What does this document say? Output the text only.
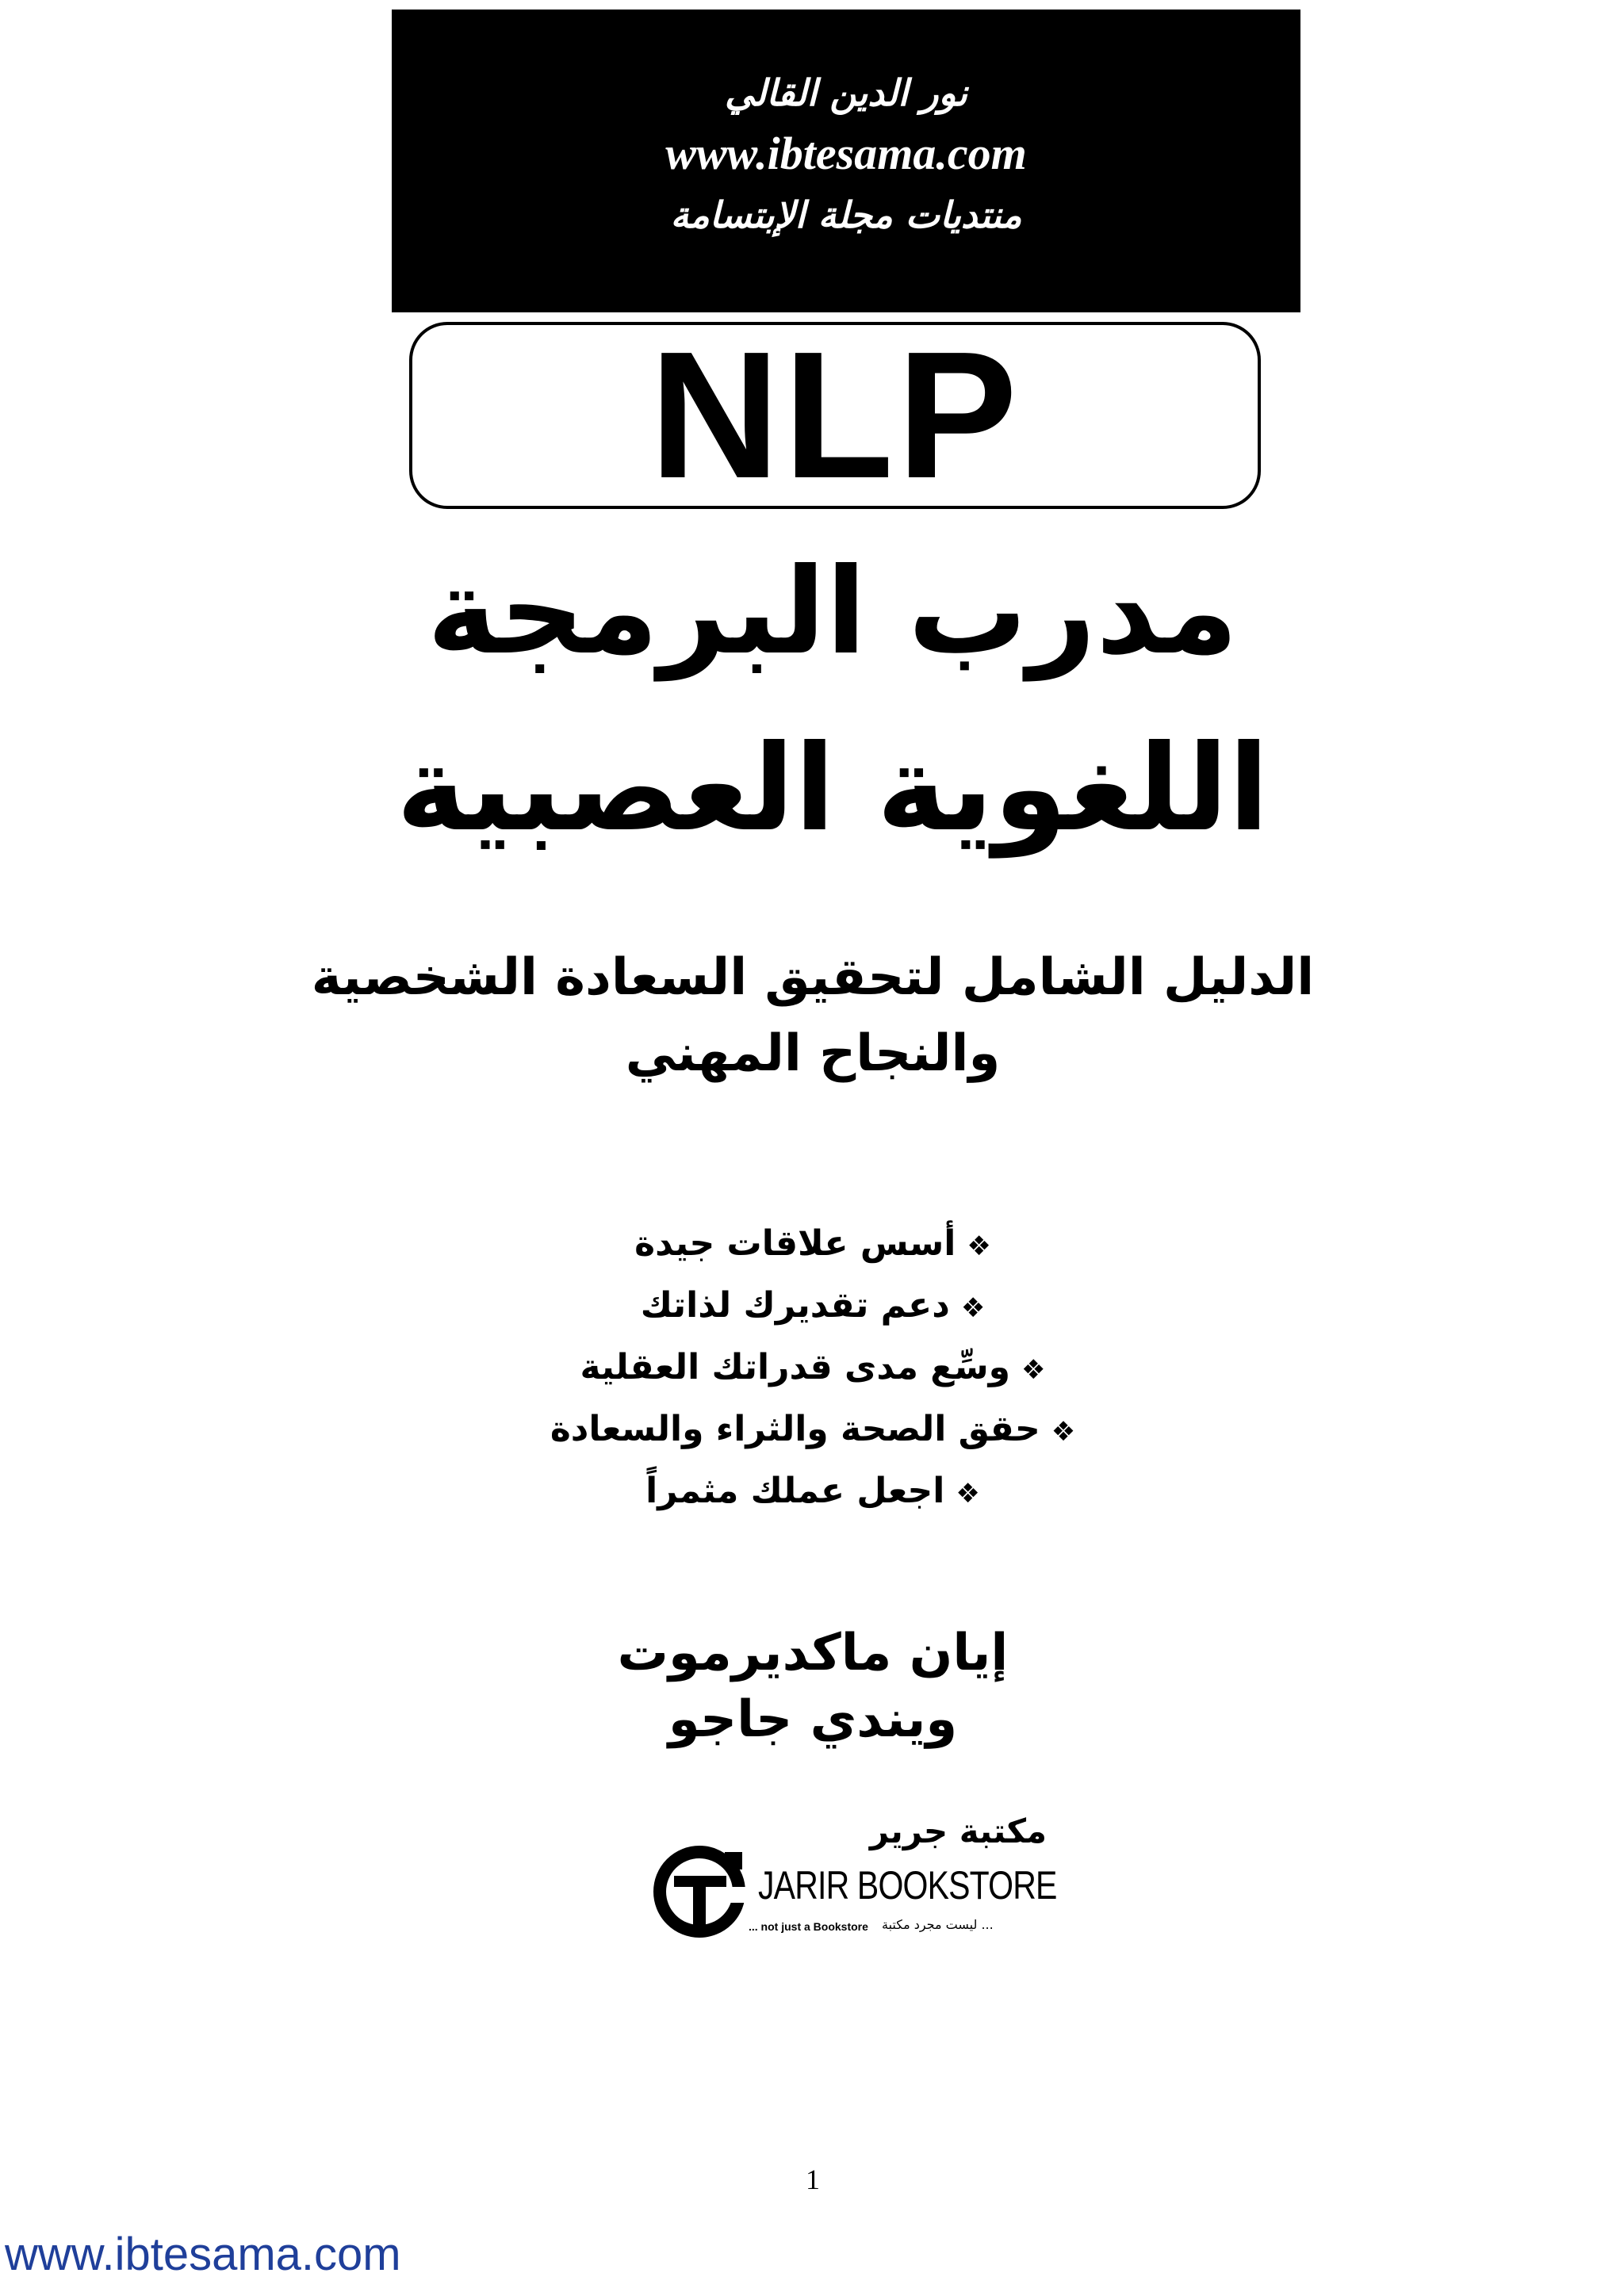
نور الدين القالي
www.ibtesama.com
منتديات مجلة الإبتسامة
NLP
مدرب البرمجة
اللغوية العصبية
الدليل الشامل لتحقيق السعادة الشخصية
والنجاح المهني
❖أسس علاقات جيدة
❖دعم تقديرك لذاتك
❖وسِّع مدى قدراتك العقلية
❖حقق الصحة والثراء والسعادة
❖اجعل عملك مثمراً
إيان ماكديرموت
ويندي جاجو
مكتبة جرير
JARIR BOOKSTORE
... not just a Bookstore ... ليست مجرد مكتبة
1
www.ibtesama.com
